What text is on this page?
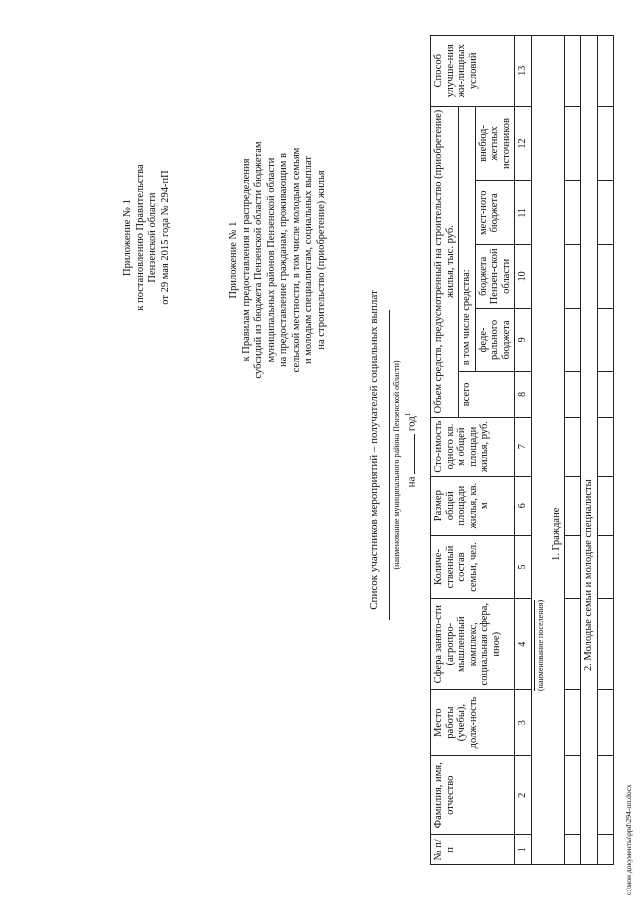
Приложение № 1 к постановлению Правительства Пензенской области от 29 мая 2015 года № 294-пП	Приложение № 1 к Правилам предоставления и распределения субсидий из бюджета Пензенской области бюджетам муниципальных районов Пензенской области на предоставление гражданам, проживающим в сельской местности, в том числе молодым семьям и молодым специалистам, социальных выплат на строительство (приобретение) жилья
Список участников мероприятий – получателей социальных выплат (наименование муниципального района Пензенской области) на  год$^1$
№ п/п	Фамилия, имя, отчество	Место работы (учебы), долж-ность	Сфера занято-сти (агропро-мышленный комплекс, социальная сфера, иное)	Количе-ственный состав семьи, чел.	Размер общей площади жилья, кв. м	Сто-имость одного кв. м общей площади жилья, руб.	Объем средств, предусмотренный на строительство (приобретение) жилья, тыс. руб.					Способ улучше-ния жи-лищных условий
							всего	в том числе средства:				
								феде-рального бюджета	бюджета Пензен-ской области	мест-ного бюджета	внебюд-жетных источников	
1	2	3	4	5	6	7	8	9	10	11	12	13
(наименование поселения)												
1. Граждане												

2. Молодые семьи и молодые специалисты												

c:\мои документы\ppd\294-пп.docx
